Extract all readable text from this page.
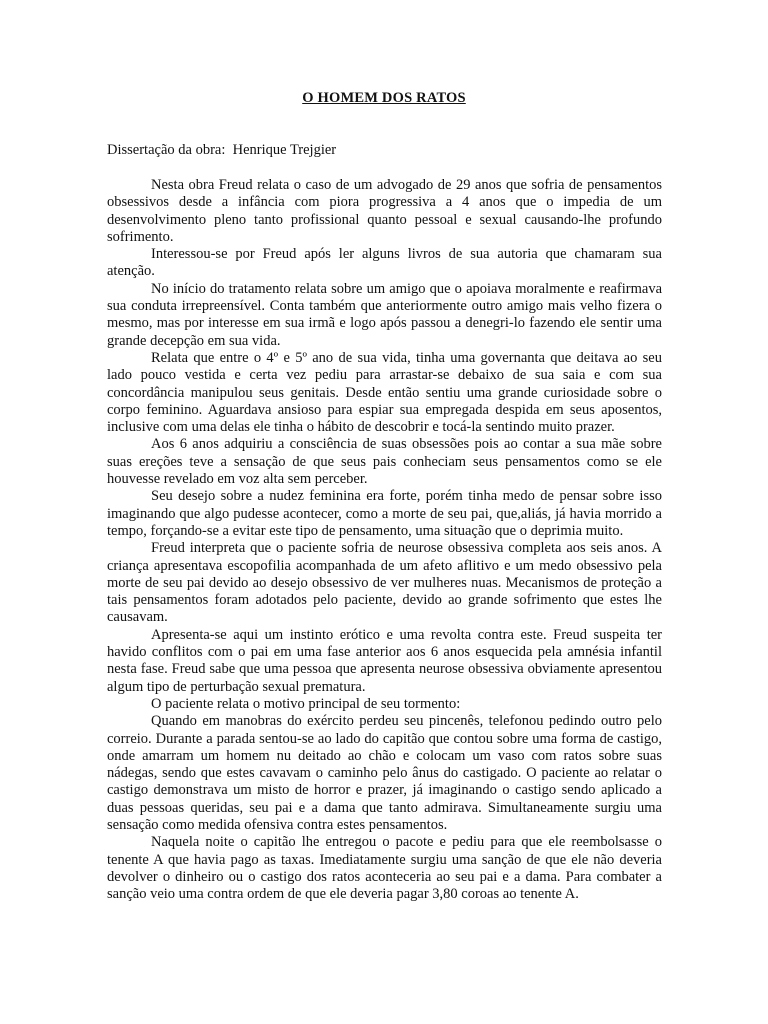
O HOMEM DOS RATOS
Dissertação da obra: Henrique Trejgier

Nesta obra Freud relata o caso de um advogado de 29 anos que sofria de pensamentos obsessivos desde a infância com piora progressiva a 4 anos que o impedia de um desenvolvimento pleno tanto profissional quanto pessoal e sexual causando-lhe profundo sofrimento.

Interessou-se por Freud após ler alguns livros de sua autoria que chamaram sua atenção.

No início do tratamento relata sobre um amigo que o apoiava moralmente e reafirmava sua conduta irrepreensível. Conta também que anteriormente outro amigo mais velho fizera o mesmo, mas por interesse em sua irmã e logo após passou a denegri-lo fazendo ele sentir uma grande decepção em sua vida.

Relata que entre o 4º e 5º ano de sua vida, tinha uma governanta que deitava ao seu lado pouco vestida e certa vez pediu para arrastar-se debaixo de sua saia e com sua concordância manipulou seus genitais. Desde então sentiu uma grande curiosidade sobre o corpo feminino. Aguardava ansioso para espiar sua empregada despida em seus aposentos, inclusive com uma delas ele tinha o hábito de descobrir e tocá-la sentindo muito prazer.

Aos 6 anos adquiriu a consciência de suas obsessões pois ao contar a sua mãe sobre suas ereções teve a sensação de que seus pais conheciam seus pensamentos como se ele houvesse revelado em voz alta sem perceber.

Seu desejo sobre a nudez feminina era forte, porém tinha medo de pensar sobre isso imaginando que algo pudesse acontecer, como a morte de seu pai, que,aliás, já havia morrido a tempo, forçando-se a evitar este tipo de pensamento, uma situação que o deprimia muito.

Freud interpreta que o paciente sofria de neurose obsessiva completa aos seis anos. A criança apresentava escopofilia acompanhada de um afeto aflitivo e um medo obsessivo pela morte de seu pai devido ao desejo obsessivo de ver mulheres nuas. Mecanismos de proteção a tais pensamentos foram adotados pelo paciente, devido ao grande sofrimento que estes lhe causavam.

Apresenta-se aqui um instinto erótico e uma revolta contra este. Freud suspeita ter havido conflitos com o pai em uma fase anterior aos 6 anos esquecida pela amnésia infantil nesta fase. Freud sabe que uma pessoa que apresenta neurose obsessiva obviamente apresentou algum tipo de perturbação sexual prematura.

O paciente relata o motivo principal de seu tormento:

Quando em manobras do exército perdeu seu pincenês, telefonou pedindo outro pelo correio. Durante a parada sentou-se ao lado do capitão que contou sobre uma forma de castigo, onde amarram um homem nu deitado ao chão e colocam um vaso com ratos sobre suas nádegas, sendo que estes cavavam o caminho pelo ânus do castigado. O paciente ao relatar o castigo demonstrava um misto de horror e prazer, já imaginando o castigo sendo aplicado a duas pessoas queridas, seu pai e a dama que tanto admirava. Simultaneamente surgiu uma sensação como medida ofensiva contra estes pensamentos.

Naquela noite o capitão lhe entregou o pacote e pediu para que ele reembolsasse o tenente A que havia pago as taxas. Imediatamente surgiu uma sanção de que ele não deveria devolver o dinheiro ou o castigo dos ratos aconteceria ao seu pai e a dama. Para combater a sanção veio uma contra ordem de que ele deveria pagar 3,80 coroas ao tenente A.
